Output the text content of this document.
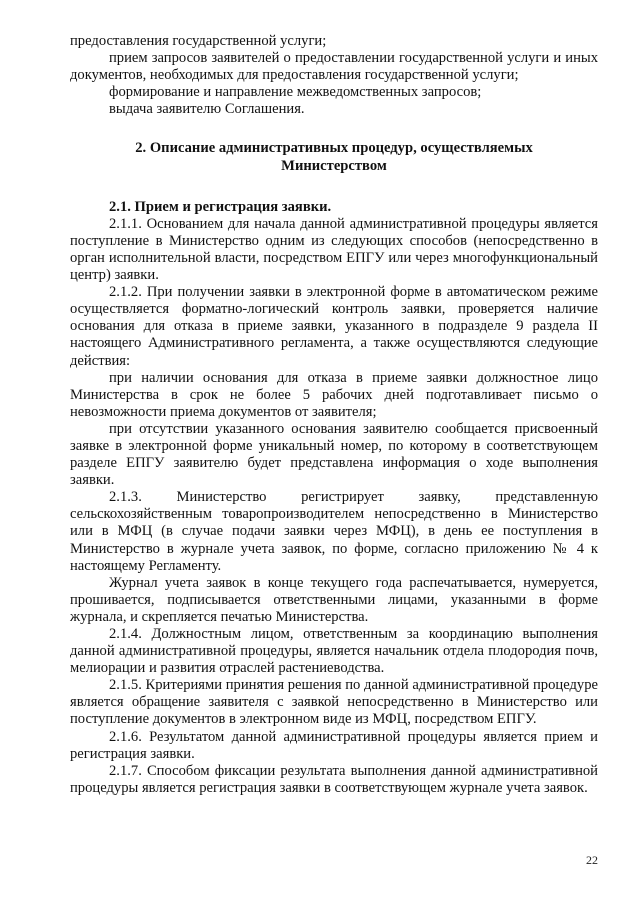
предоставления государственной услуги;

прием запросов заявителей о предоставлении государственной услуги и иных документов, необходимых для предоставления государственной услуги;

формирование и направление межведомственных запросов;

выдача заявителю Соглашения.

2. Описание административных процедур, осуществляемых

Министерством

2.1. Прием и регистрация заявки.

2.1.1. Основанием для начала данной административной процедуры является поступление в Министерство одним из следующих способов (непосредственно в орган исполнительной власти, посредством ЕПГУ или через многофункциональный центр) заявки.

2.1.2. При получении заявки в электронной форме в автоматическом режиме осуществляется форматно-логический контроль заявки, проверяется наличие основания для отказа в приеме заявки, указанного в подразделе 9 раздела II настоящего Административного регламента, а также осуществляются следующие действия:

при наличии основания для отказа в приеме заявки должностное лицо Министерства в срок не более 5 рабочих дней подготавливает письмо о невозможности приема документов от заявителя;

при отсутствии указанного основания заявителю сообщается присвоенный заявке в электронной форме уникальный номер, по которому в соответствующем разделе ЕПГУ заявителю будет представлена информация о ходе выполнения заявки.

2.1.3. Министерство регистрирует заявку, представленную сельскохозяйственным товаропроизводителем непосредственно в Министерство или в МФЦ (в случае подачи заявки через МФЦ), в день ее поступления в Министерство в журнале учета заявок, по форме, согласно приложению № 4 к настоящему Регламенту.

Журнал учета заявок в конце текущего года распечатывается, нумеруется, прошивается, подписывается ответственными лицами, указанными в форме журнала, и скрепляется печатью Министерства.

2.1.4. Должностным лицом, ответственным за координацию выполнения данной административной процедуры, является начальник отдела плодородия почв, мелиорации и развития отраслей растениеводства.

2.1.5. Критериями принятия решения по данной административной процедуре является обращение заявителя с заявкой непосредственно в Министерство или поступление документов в электронном виде из МФЦ, посредством ЕПГУ.

2.1.6. Результатом данной административной процедуры является прием и регистрация заявки.

2.1.7. Способом фиксации результата выполнения данной административной процедуры является регистрация заявки в соответствующем журнале учета заявок.

22
